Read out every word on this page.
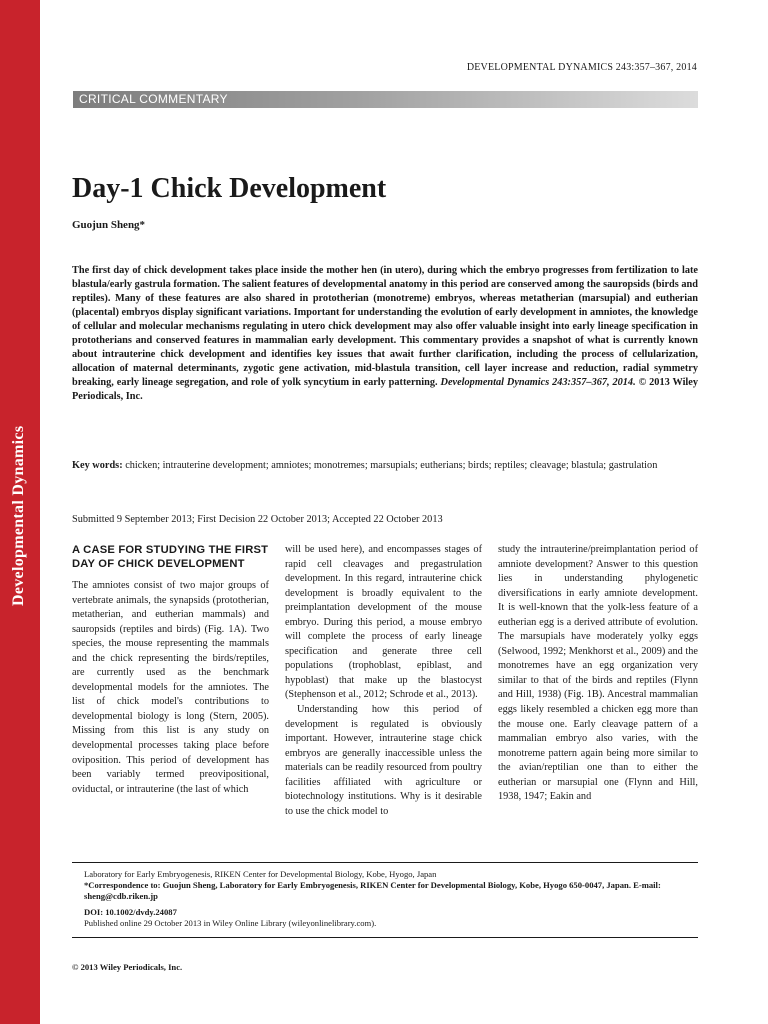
Developmental Dynamics
DEVELOPMENTAL DYNAMICS 243:357–367, 2014
CRITICAL COMMENTARY
Day-1 Chick Development
Guojun Sheng*

The first day of chick development takes place inside the mother hen (in utero), during which the embryo progresses from fertilization to late blastula/early gastrula formation. The salient features of developmental anatomy in this period are conserved among the sauropsids (birds and reptiles). Many of these features are also shared in prototherian (monotreme) embryos, whereas metatherian (marsupial) and eutherian (placental) embryos display significant variations. Important for understanding the evolution of early development in amniotes, the knowledge of cellular and molecular mechanisms regulating in utero chick development may also offer valuable insight into early lineage specification in prototherians and conserved features in mammalian early development. This commentary provides a snapshot of what is currently known about intrauterine chick development and identifies key issues that await further clarification, including the process of cellularization, allocation of maternal determinants, zygotic gene activation, mid-blastula transition, cell layer increase and reduction, radial symmetry breaking, early lineage segregation, and role of yolk syncytium in early patterning. Developmental Dynamics 243:357–367, 2014. © 2013 Wiley Periodicals, Inc.

Key words: chicken; intrauterine development; amniotes; monotremes; marsupials; eutherians; birds; reptiles; cleavage; blastula; gastrulation

Submitted 9 September 2013; First Decision 22 October 2013; Accepted 22 October 2013
A CASE FOR STUDYING THE FIRST DAY OF CHICK DEVELOPMENT

The amniotes consist of two major groups of vertebrate animals, the synapsids (prototherian, metatherian, and eutherian mammals) and sauropsids (reptiles and birds) (Fig. 1A). Two species, the mouse representing the mammals and the chick representing the birds/reptiles, are currently used as the benchmark developmental models for the amniotes. The list of chick model's contributions to developmental biology is long (Stern, 2005). Missing from this list is any study on developmental processes taking place before oviposition. This period of development has been variably termed preovipositional, oviductal, or intrauterine (the last of which

will be used here), and encompasses stages of rapid cell cleavages and pregastrulation development. In this regard, intrauterine chick development is broadly equivalent to the preimplantation development of the mouse embryo. During this period, a mouse embryo will complete the process of early lineage specification and generate three cell populations (trophoblast, epiblast, and hypoblast) that make up the blastocyst (Stephenson et al., 2012; Schrode et al., 2013).

Understanding how this period of development is regulated is obviously important. However, intrauterine stage chick embryos are generally inaccessible unless the materials can be readily resourced from poultry facilities affiliated with agriculture or biotechnology institutions. Why is it desirable to use the chick model to

study the intrauterine/preimplantation period of amniote development? Answer to this question lies in understanding phylogenetic diversifications in early amniote development. It is well-known that the yolk-less feature of a eutherian egg is a derived attribute of evolution. The marsupials have moderately yolky eggs (Selwood, 1992; Menkhorst et al., 2009) and the monotremes have an egg organization very similar to that of the birds and reptiles (Flynn and Hill, 1938) (Fig. 1B). Ancestral mammalian eggs likely resembled a chicken egg more than the mouse one. Early cleavage pattern of a mammalian embryo also varies, with the monotreme pattern again being more similar to the avian/reptilian one than to either the eutherian or marsupial one (Flynn and Hill, 1938, 1947; Eakin and

Laboratory for Early Embryogenesis, RIKEN Center for Developmental Biology, Kobe, Hyogo, Japan

*Correspondence to: Guojun Sheng, Laboratory for Early Embryogenesis, RIKEN Center for Developmental Biology, Kobe, Hyogo 650-0047, Japan. E-mail: sheng@cdb.riken.jp

DOI: 10.1002/dvdy.24087

Published online 29 October 2013 in Wiley Online Library (wileyonlinelibrary.com).

© 2013 Wiley Periodicals, Inc.
